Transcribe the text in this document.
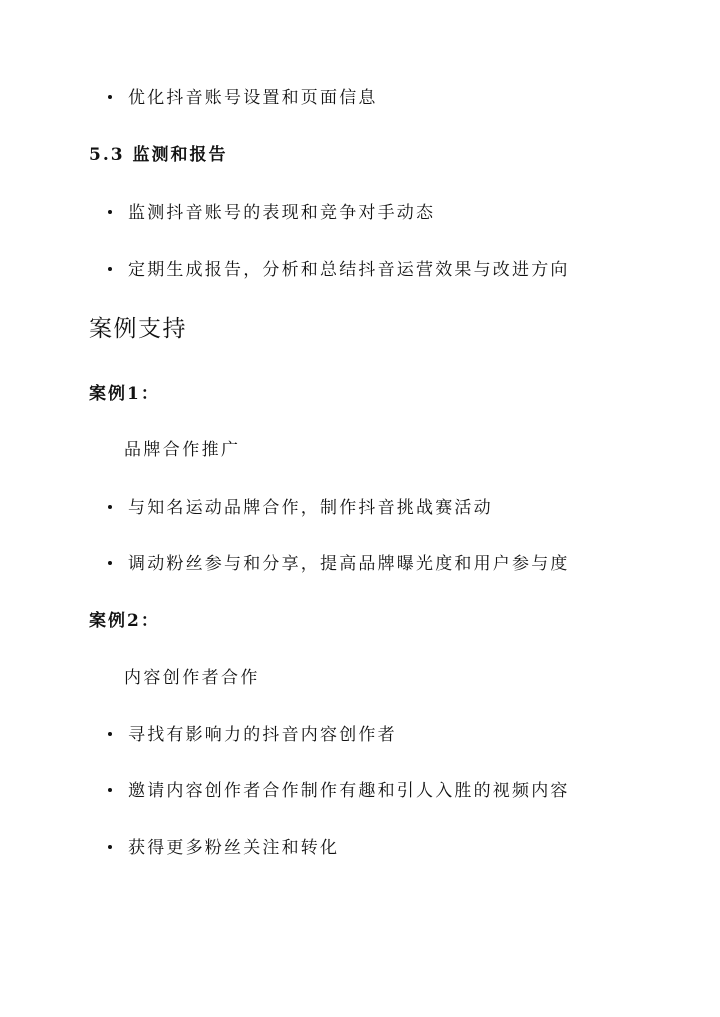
优化抖音账号设置和页面信息
5.3 监测和报告
监测抖音账号的表现和竞争对手动态
定期生成报告，分析和总结抖音运营效果与改进方向
案例支持
案例1：
品牌合作推广
与知名运动品牌合作，制作抖音挑战赛活动
调动粉丝参与和分享，提高品牌曝光度和用户参与度
案例2：
内容创作者合作
寻找有影响力的抖音内容创作者
邀请内容创作者合作制作有趣和引人入胜的视频内容
获得更多粉丝关注和转化
